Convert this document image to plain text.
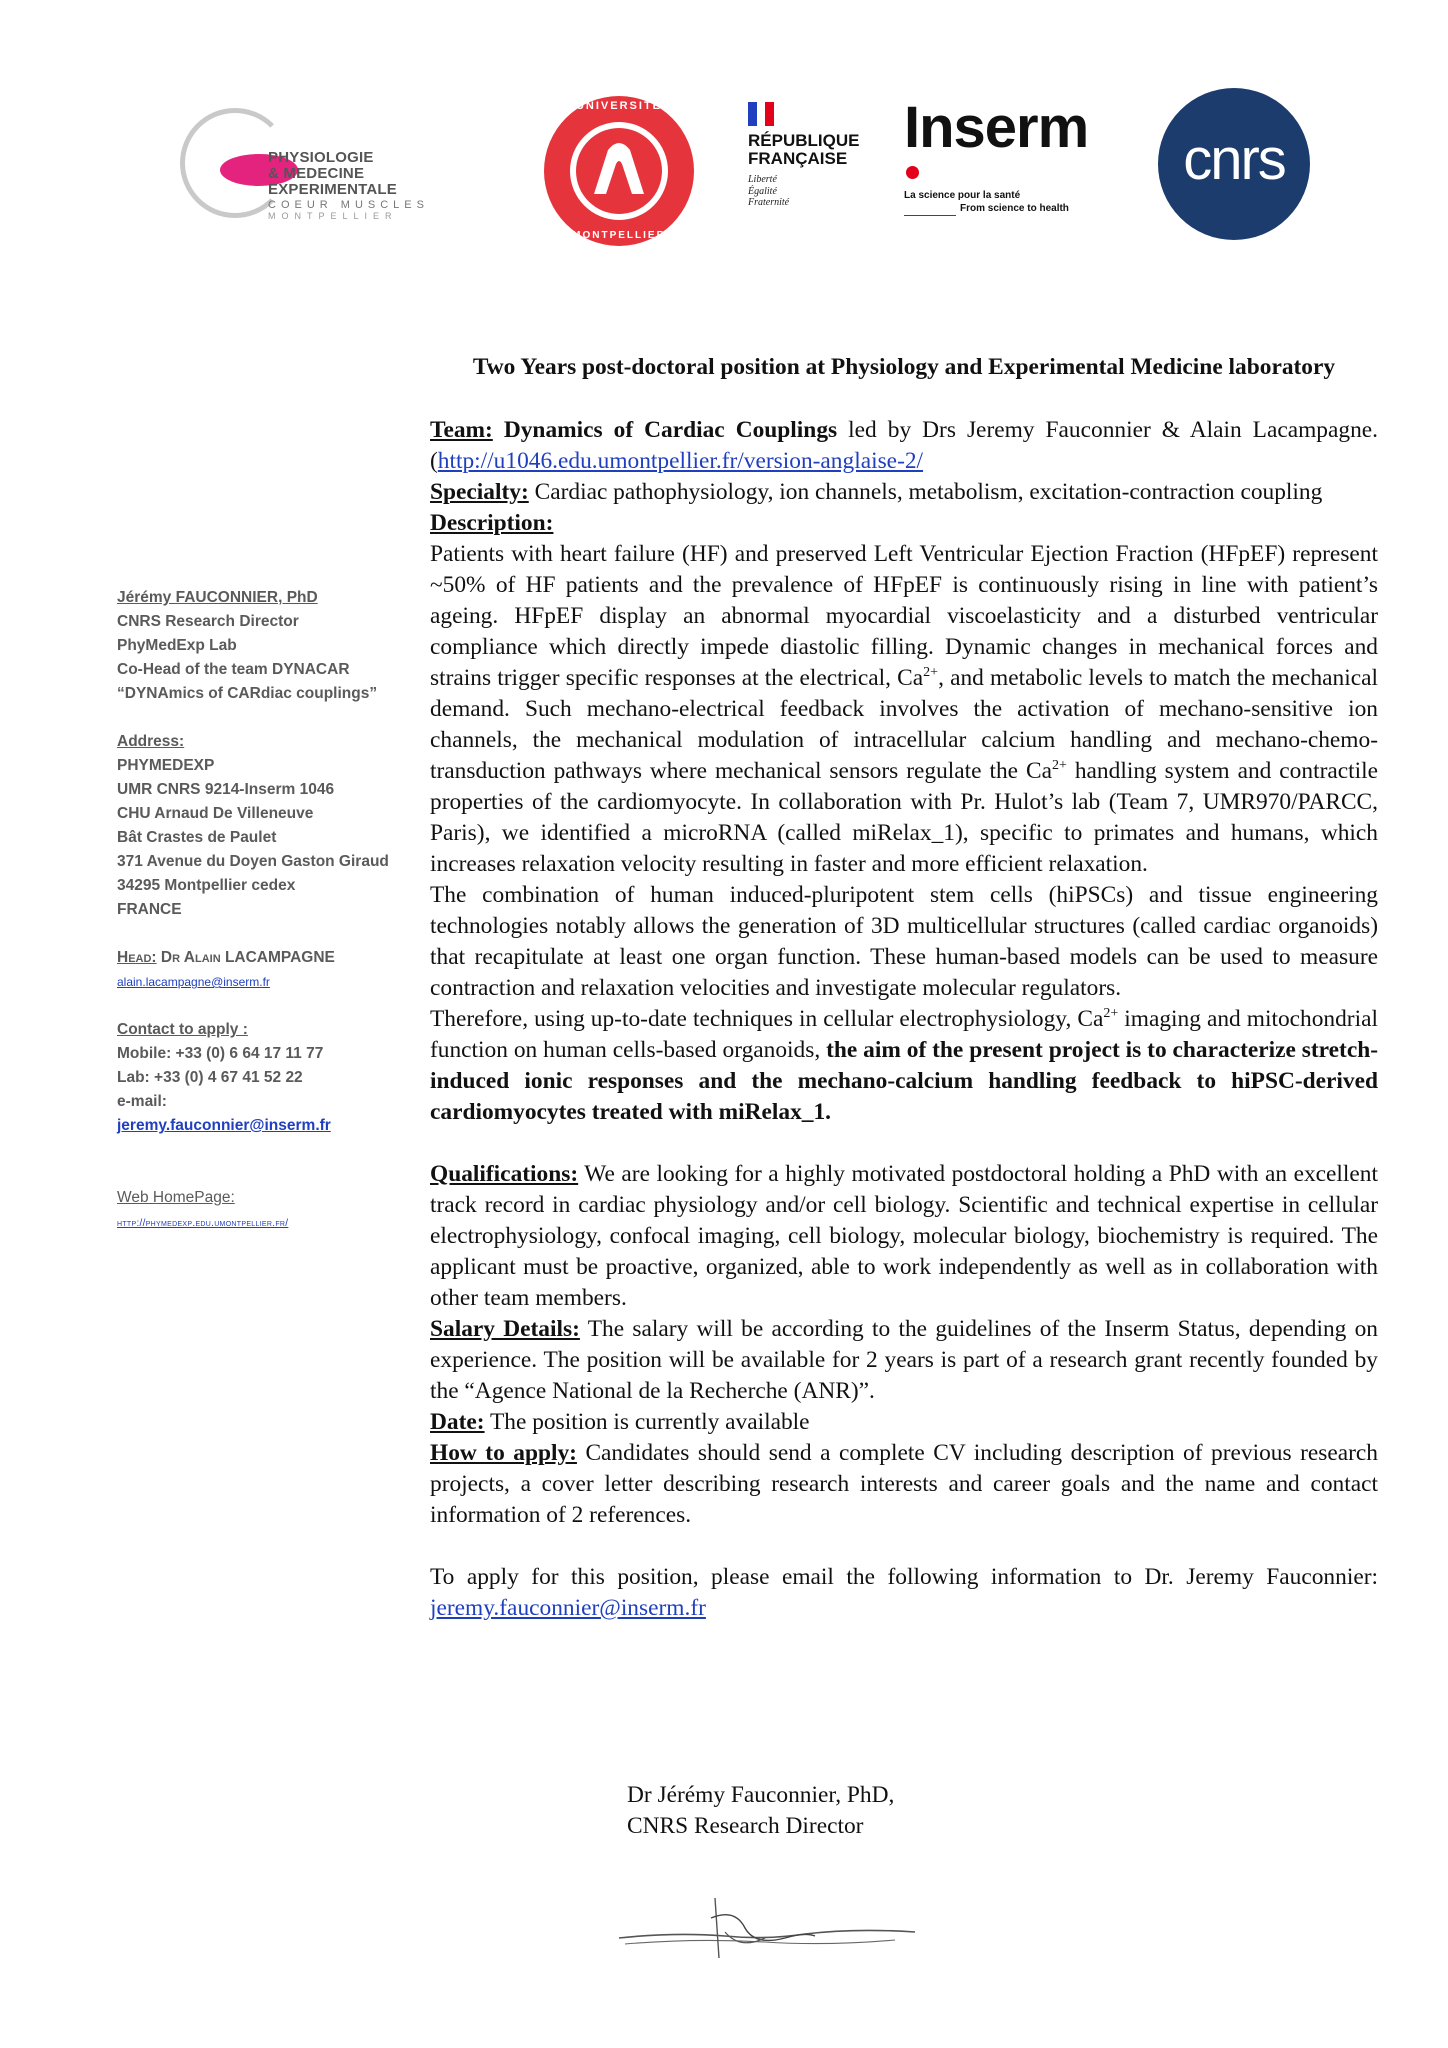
PHYSIOLOGIE
& MEDECINE EXPERIMENTALE
COEUR MUSCLES
MONTPELLIER
UNIVERSITÉ
MONTPELLIER
RÉPUBLIQUE
FRANÇAISE
Liberté
Égalité
Fraternité
Inserm
La science pour la santé
From science to health
cnrs
Jérémy FAUCONNIER, PhD
CNRS Research Director
PhyMedExp Lab
Co-Head of the team DYNACAR
“DYNAmics of CARdiac couplings”
Address:
PHYMEDEXP
UMR CNRS 9214-Inserm 1046
CHU Arnaud De Villeneuve
Bât Crastes de Paulet
371 Avenue du Doyen Gaston Giraud
34295 Montpellier cedex
FRANCE
Head: Dr Alain LACAMPAGNE
alain.lacampagne@inserm.fr
Contact to apply :
Mobile: +33 (0) 6 64 17 11 77
Lab: +33 (0) 4 67 41 52 22
e-mail:
jeremy.fauconnier@inserm.fr
Web HomePage:
http://phymedexp.edu.umontpellier.fr/
Two Years post-doctoral position at Physiology and Experimental Medicine laboratory

Team: Dynamics of Cardiac Couplings led by Drs Jeremy Fauconnier & Alain Lacampagne. (http://u1046.edu.umontpellier.fr/version-anglaise-2/

Specialty: Cardiac pathophysiology, ion channels, metabolism, excitation-contraction coupling

Description:

Patients with heart failure (HF) and preserved Left Ventricular Ejection Fraction (HFpEF) represent ~50% of HF patients and the prevalence of HFpEF is continuously rising in line with patient’s ageing. HFpEF display an abnormal myocardial viscoelasticity and a disturbed ventricular compliance which directly impede diastolic filling. Dynamic changes in mechanical forces and strains trigger specific responses at the electrical, $Ca^{2+}$, and metabolic levels to match the mechanical demand. Such mechano-electrical feedback involves the activation of mechano-sensitive ion channels, the mechanical modulation of intracellular calcium handling and mechano-chemo-transduction pathways where mechanical sensors regulate the $Ca^{2+}$ handling system and contractile properties of the cardiomyocyte. In collaboration with Pr. Hulot’s lab (Team 7, UMR970/PARCC, Paris), we identified a microRNA (called miRelax_1), specific to primates and humans, which increases relaxation velocity resulting in faster and more efficient relaxation.

The combination of human induced-pluripotent stem cells (hiPSCs) and tissue engineering technologies notably allows the generation of 3D multicellular structures (called cardiac organoids) that recapitulate at least one organ function. These human-based models can be used to measure contraction and relaxation velocities and investigate molecular regulators.

Therefore, using up-to-date techniques in cellular electrophysiology, $Ca^{2+}$ imaging and mitochondrial function on human cells-based organoids, the aim of the present project is to characterize stretch-induced ionic responses and the mechano-calcium handling feedback to hiPSC-derived cardiomyocytes treated with miRelax_1.

Qualifications: We are looking for a highly motivated postdoctoral holding a PhD with an excellent track record in cardiac physiology and/or cell biology. Scientific and technical expertise in cellular electrophysiology, confocal imaging, cell biology, molecular biology, biochemistry is required. The applicant must be proactive, organized, able to work independently as well as in collaboration with other team members.

Salary Details: The salary will be according to the guidelines of the Inserm Status, depending on experience. The position will be available for 2 years is part of a research grant recently founded by the “Agence National de la Recherche (ANR)”.

Date: The position is currently available

How to apply: Candidates should send a complete CV including description of previous research projects, a cover letter describing research interests and career goals and the name and contact information of 2 references.

To apply for this position, please email the following information to Dr. Jeremy Fauconnier: jeremy.fauconnier@inserm.fr

Dr Jérémy Fauconnier, PhD,
CNRS Research Director
